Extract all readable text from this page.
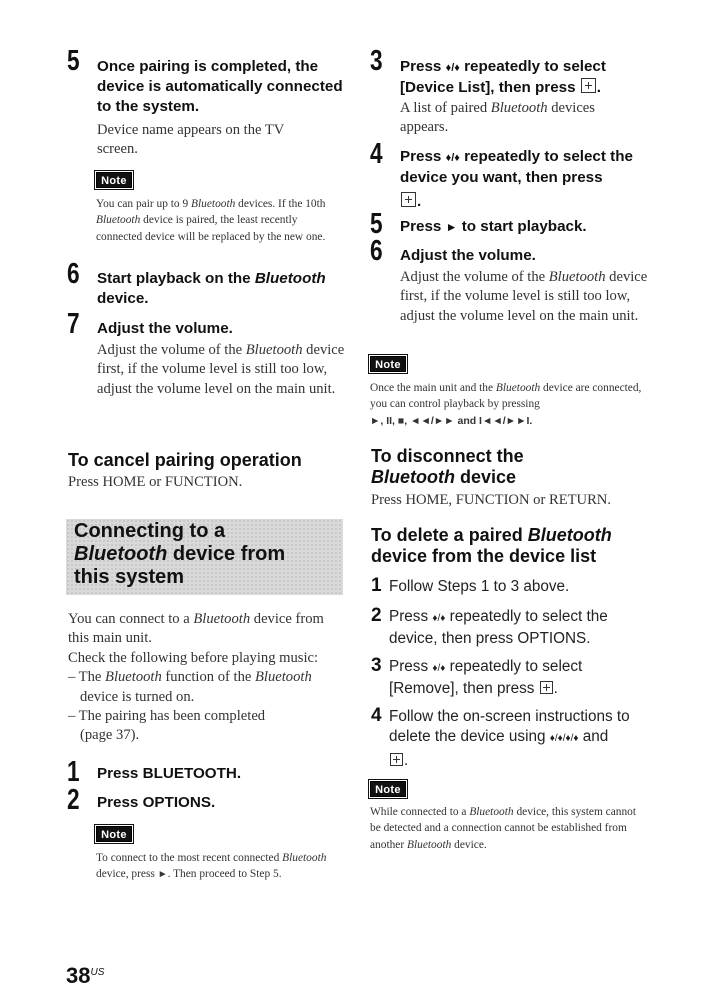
5 Once pairing is completed, the device is automatically connected to the system.
Device name appears on the TV screen.
Note
You can pair up to 9 Bluetooth devices. If the 10th Bluetooth device is paired, the least recently connected device will be replaced by the new one.
6 Start playback on the Bluetooth device.
7 Adjust the volume.
Adjust the volume of the Bluetooth device first, if the volume level is still too low, adjust the volume level on the main unit.
To cancel pairing operation
Press HOME or FUNCTION.
Connecting to a
Bluetooth device from
this system
You can connect to a Bluetooth device from this main unit.
Check the following before playing music:
– The Bluetooth function of the Bluetooth
device is turned on.
– The pairing has been completed
(page 37).
1 Press BLUETOOTH.
2 Press OPTIONS.
Note
To connect to the most recent connected Bluetooth device, press ►. Then proceed to Step 5.
3 Press ♦/♦ repeatedly to select [Device List], then press .
A list of paired Bluetooth devices appears.
4 Press ♦/♦ repeatedly to select the device you want, then press
.
5 Press ► to start playback.
6 Adjust the volume.
Adjust the volume of the Bluetooth device first, if the volume level is still too low, adjust the volume level on the main unit.
Note
Once the main unit and the Bluetooth device are connected, you can control playback by pressing
►, II, ■, ◄◄/►► and I◄◄/►►I.
To disconnect the
Bluetooth device
Press HOME, FUNCTION or RETURN.
To delete a paired Bluetooth
device from the device list
1 Follow Steps 1 to 3 above.
2 Press ♦/♦ repeatedly to select the
device, then press OPTIONS.
3 Press ♦/♦ repeatedly to select
[Remove], then press .
4 Follow the on-screen instructions to
delete the device using ♦/♦/♦/♦ and
.
Note
While connected to a Bluetooth device, this system cannot be detected and a connection cannot be established from another Bluetooth device.
$38^{US}$
